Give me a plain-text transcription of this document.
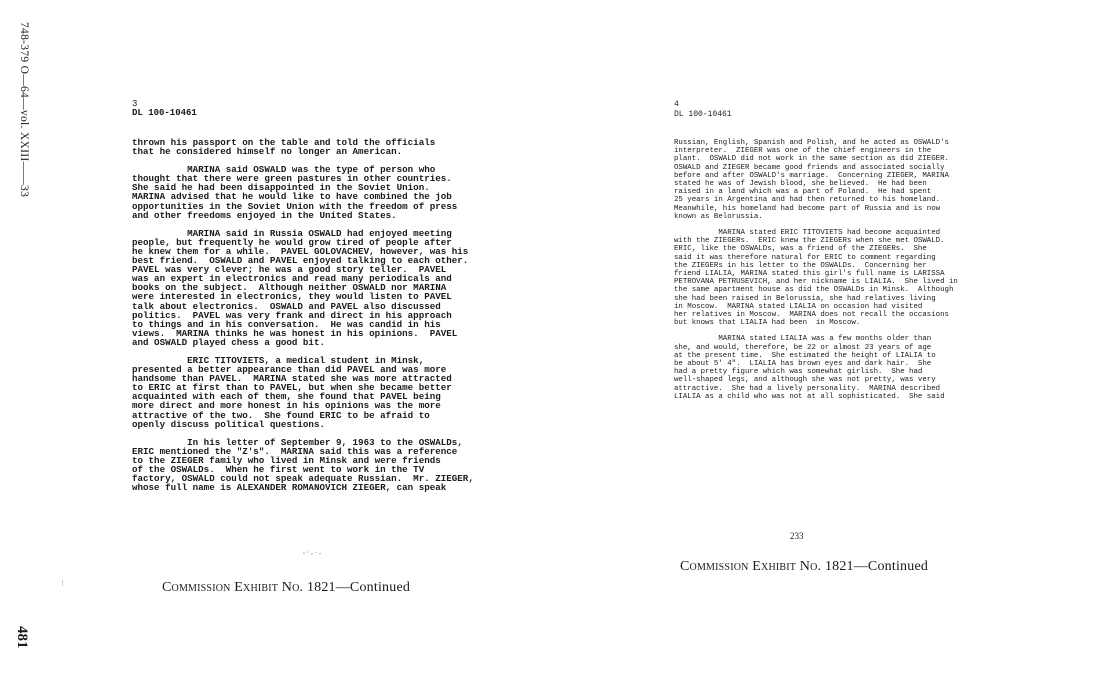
748-379 O—64—vol. XXIII——33
481
3
DL 100-10461

thrown his passport on the table and told the officials
that he considered himself no longer an American.

MARINA said OSWALD was the type of person who
thought that there were green pastures in other countries.
She said he had been disappointed in the Soviet Union.
MARINA advised that he would like to have combined the job
opportunities in the Soviet Union with the freedom of press
and other freedoms enjoyed in the United States.

MARINA said in Russia OSWALD had enjoyed meeting
people, but frequently he would grow tired of people after
he knew them for a while.  PAVEL GOLOVACHEV, however, was his
best friend.  OSWALD and PAVEL enjoyed talking to each other.
PAVEL was very clever; he was a good story teller.  PAVEL
was an expert in electronics and read many periodicals and
books on the subject.  Although neither OSWALD nor MARINA
were interested in electronics, they would listen to PAVEL
talk about electronics.  OSWALD and PAVEL also discussed
politics.  PAVEL was very frank and direct in his approach
to things and in his conversation.  He was candid in his
views.  MARINA thinks he was honest in his opinions.  PAVEL
and OSWALD played chess a good bit.

ERIC TITOVIETS, a medical student in Minsk,
presented a better appearance than did PAVEL and was more
handsome than PAVEL.  MARINA stated she was more attracted
to ERIC at first than to PAVEL, but when she became better
acquainted with each of them, she found that PAVEL being
more direct and more honest in his opinions was the more
attractive of the two.  She found ERIC to be afraid to
openly discuss political questions.

In his letter of September 9, 1963 to the OSWALDs,
ERIC mentioned the "Z's".  MARINA said this was a reference
to the ZIEGER family who lived in Minsk and were friends
of the OSWALDs.  When he first went to work in the TV
factory, OSWALD could not speak adequate Russian.  Mr. ZIEGER,
whose full name is ALEXANDER ROMANOVICH ZIEGER, can speak

Commission Exhibit No. 1821—Continued
4
DL 100-10461

Russian, English, Spanish and Polish, and he acted as OSWALD's
interpreter.  ZIEGER was one of the chief engineers in the
plant.  OSWALD did not work in the same section as did ZIEGER.
OSWALD and ZIEGER became good friends and associated socially
before and after OSWALD's marriage.  Concerning ZIEGER, MARINA
stated he was of Jewish blood, she believed.  He had been
raised in a land which was a part of Poland.  He had spent
25 years in Argentina and had then returned to his homeland.
Meanwhile, his homeland had become part of Russia and is now
known as Belorussia.

MARINA stated ERIC TITOVIETS had become acquainted
with the ZIEGERs.  ERIC knew the ZIEGERs when she met OSWALD.
ERIC, like the OSWALDs, was a friend of the ZIEGERs.  She
said it was therefore natural for ERIC to comment regarding
the ZIEGERs in his letter to the OSWALDs.  Concerning her
friend LIALIA, MARINA stated this girl's full name is LARISSA
PETROVANA PETRUSEVICH, and her nickname is LIALIA.  She lived in
the same apartment house as did the OSWALDs in Minsk.  Although
she had been raised in Belorussia, she had relatives living
in Moscow.  MARINA stated LIALIA on occasion had visited
her relatives in Moscow.  MARINA does not recall the occasions
but knows that LIALIA had been  in Moscow.

MARINA stated LIALIA was a few months older than
she, and would, therefore, be 22 or almost 23 years of age
at the present time.  She estimated the height of LIALIA to
be about 5' 4".  LIALIA has brown eyes and dark hair.  She
had a pretty figure which was somewhat girlish.  She had
well-shaped legs, and although she was not pretty, was very
attractive.  She had a lively personality.  MARINA described
LIALIA as a child who was not at all sophisticated.  She said

233
Commission Exhibit No. 1821—Continued
